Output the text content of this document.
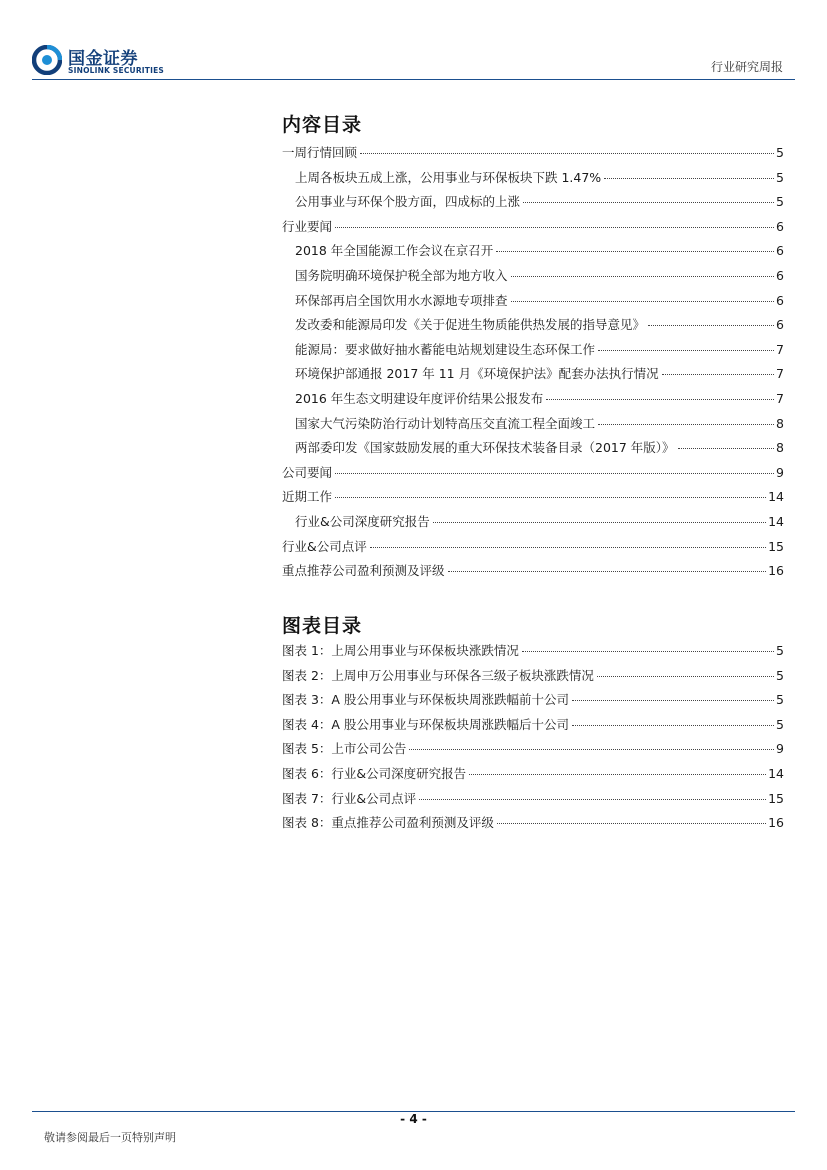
国金证券
SINOLINK SECURITIES	行业研究周报
内容目录
一周行情回顾	5
上周各板块五成上涨，公用事业与环保板块下跌 1.47%	5
公用事业与环保个股方面，四成标的上涨	5
行业要闻	6
2018 年全国能源工作会议在京召开	6
国务院明确环境保护税全部为地方收入	6
环保部再启全国饮用水水源地专项排查	6
发改委和能源局印发《关于促进生物质能供热发展的指导意见》	6
能源局：要求做好抽水蓄能电站规划建设生态环保工作	7
环境保护部通报 2017 年 11 月《环境保护法》配套办法执行情况	7
2016 年生态文明建设年度评价结果公报发布	7
国家大气污染防治行动计划特高压交直流工程全面竣工	8
两部委印发《国家鼓励发展的重大环保技术装备目录（2017 年版）》	8
公司要闻	9
近期工作	14
行业&公司深度研究报告	14
行业&公司点评	15
重点推荐公司盈利预测及评级	16
图表目录
图表 1：上周公用事业与环保板块涨跌情况	5
图表 2：上周申万公用事业与环保各三级子板块涨跌情况	5
图表 3：A 股公用事业与环保板块周涨跌幅前十公司	5
图表 4：A 股公用事业与环保板块周涨跌幅后十公司	5
图表 5：上市公司公告	9
图表 6：行业&公司深度研究报告	14
图表 7：行业&公司点评	15
图表 8：重点推荐公司盈利预测及评级	16
- 4 -
敬请参阅最后一页特别声明
